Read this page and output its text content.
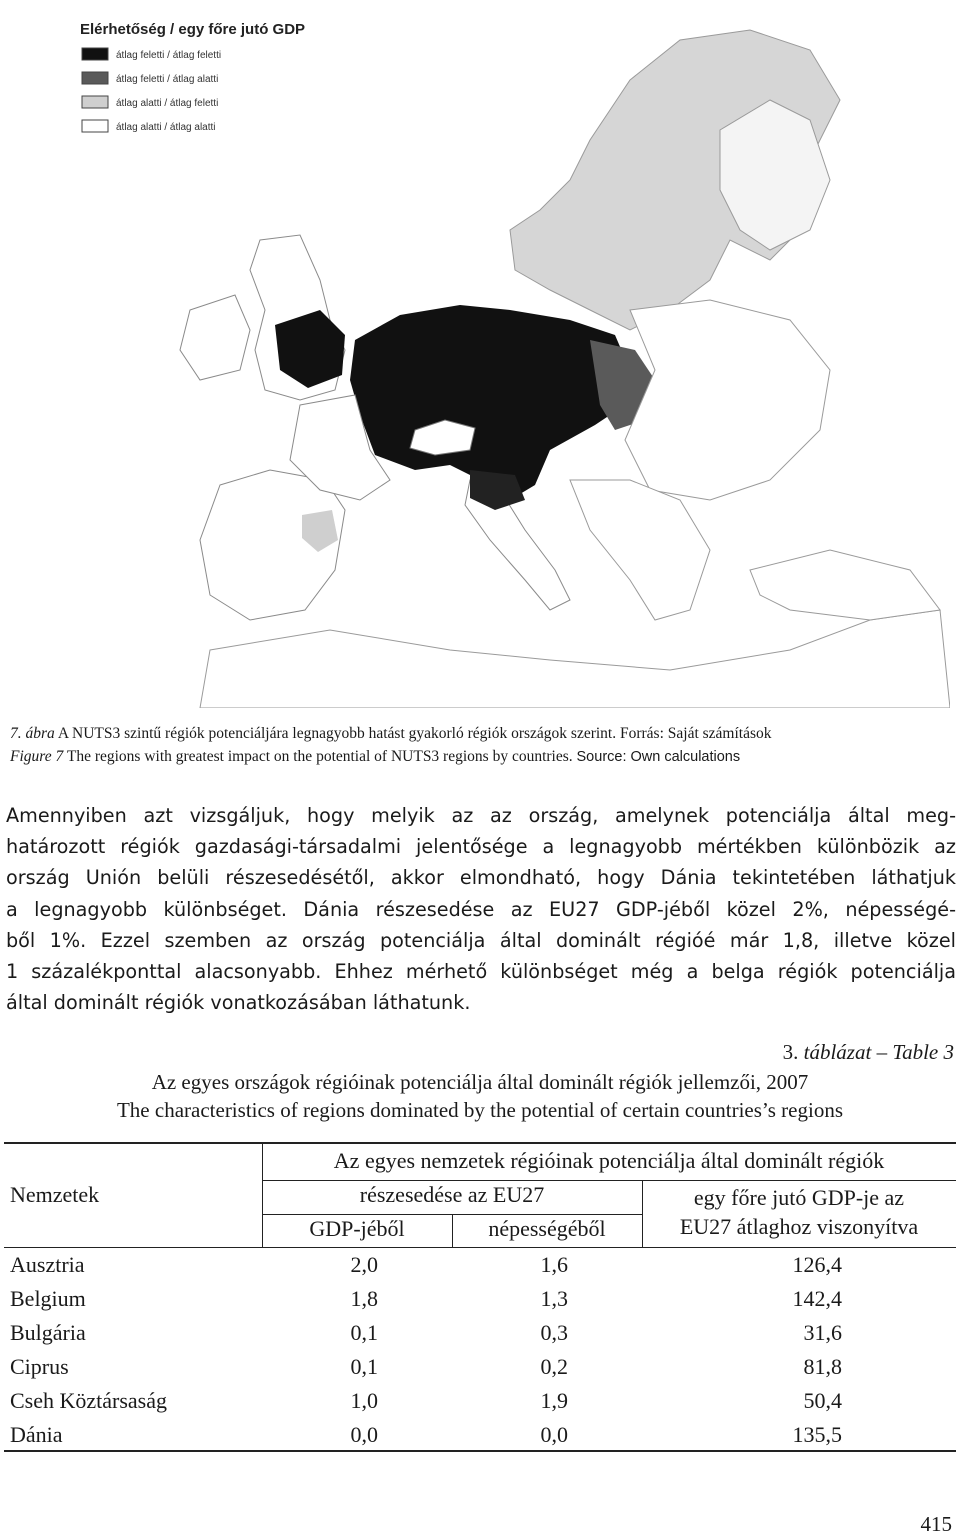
Elérhetőség / egy főre jutó GDP
átlag feletti / átlag feletti
átlag feletti / átlag alatti
átlag alatti / átlag feletti
átlag alatti / átlag alatti
7. ábra A NUTS3 szintű régiók potenciáljára legnagyobb hatást gyakorló régiók országok szerint. Forrás: Saját számítások
Figure 7 The regions with greatest impact on the potential of NUTS3 regions by countries. Source: Own calculations
Amennyiben azt vizsgáljuk, hogy melyik az az ország, amelynek potenciálja által meg-
határozott régiók gazdasági-társadalmi jelentősége a legnagyobb mértékben különbözik az
ország Unión belüli részesedésétől, akkor elmondható, hogy Dánia tekintetében láthatjuk
a legnagyobb különbséget. Dánia részesedése az EU27 GDP-jéből közel 2%, népességé-
ből 1%. Ezzel szemben az ország potenciálja által dominált régióé már 1,8, illetve közel
1 százalékponttal alacsonyabb. Ehhez mérhető különbséget még a belga régiók potenciálja
által dominált régiók vonatkozásában láthatunk.
3. táblázat – Table 3
Az egyes országok régióinak potenciálja által dominált régiók jellemzői, 2007
The characteristics of regions dominated by the potential of certain countries’s regions
Nemzetek
Az egyes nemzetek régióinak potenciálja által dominált régiók
részesedése az EU27
GDP-jéből	népességéből
egy főre jutó GDP-je az
EU27 átlaghoz viszonyítva
Ausztria	2,0	1,6	126,4
Belgium	1,8	1,3	142,4
Bulgária	0,1	0,3	31,6
Ciprus	0,1	0,2	81,8
Cseh Köztársaság	1,0	1,9	50,4
Dánia	0,0	0,0	135,5
415
